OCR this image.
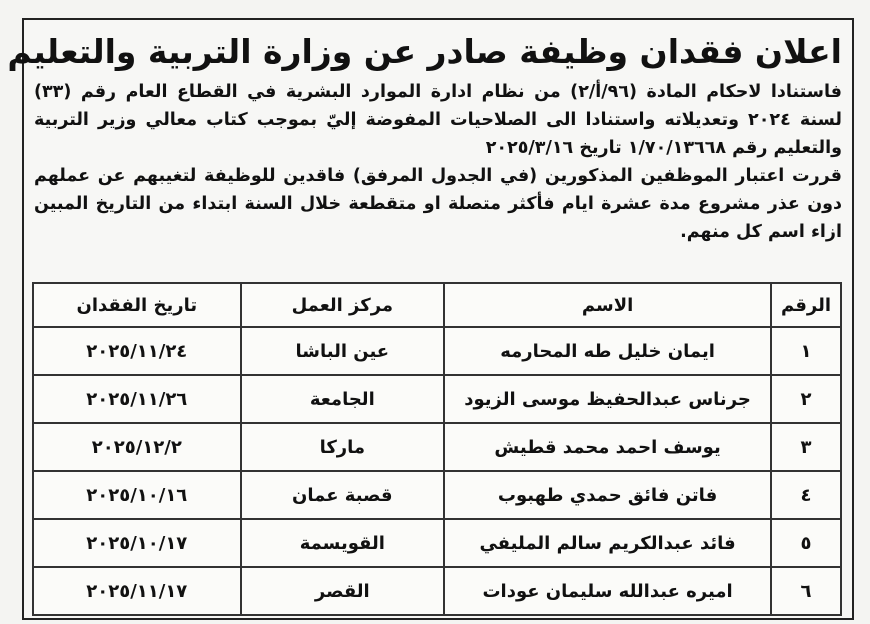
اعلان فقدان وظيفة صادر عن وزارة التربية والتعليم

فاستنادا لاحكام المادة (٩٦/أ/٢) من نظام ادارة الموارد البشرية في القطاع العام رقم (٣٣) لسنة ٢٠٢٤ وتعديلاته واستنادا الى الصلاحيات المفوضة إليّ بموجب كتاب معالي وزير التربية والتعليم رقم ١/٧٠/١٣٦٦٨ تاريخ ٢٠٢٥/٣/١٦

قررت اعتبار الموظفين المذكورين (في الجدول المرفق) فاقدين للوظيفة لتغيبهم عن عملهم دون عذر مشروع مدة عشرة ايام فأكثر متصلة او متقطعة خلال السنة ابتداء من التاريخ المبين ازاء اسم كل منهم.

الرقم	الاسم	مركز العمل	تاريخ الفقدان
١	ايمان خليل طه المحارمه	عين الباشا	٢٠٢٥/١١/٢٤
٢	جرناس عبدالحفيظ موسى الزيود	الجامعة	٢٠٢٥/١١/٢٦
٣	يوسف احمد محمد قطيش	ماركا	٢٠٢٥/١٢/٢
٤	فاتن فائق حمدي طهبوب	قصبة عمان	٢٠٢٥/١٠/١٦
٥	فائد عبدالكريم سالم المليفي	القويسمة	٢٠٢٥/١٠/١٧
٦	اميره عبدالله سليمان عودات	القصر	٢٠٢٥/١١/١٧
